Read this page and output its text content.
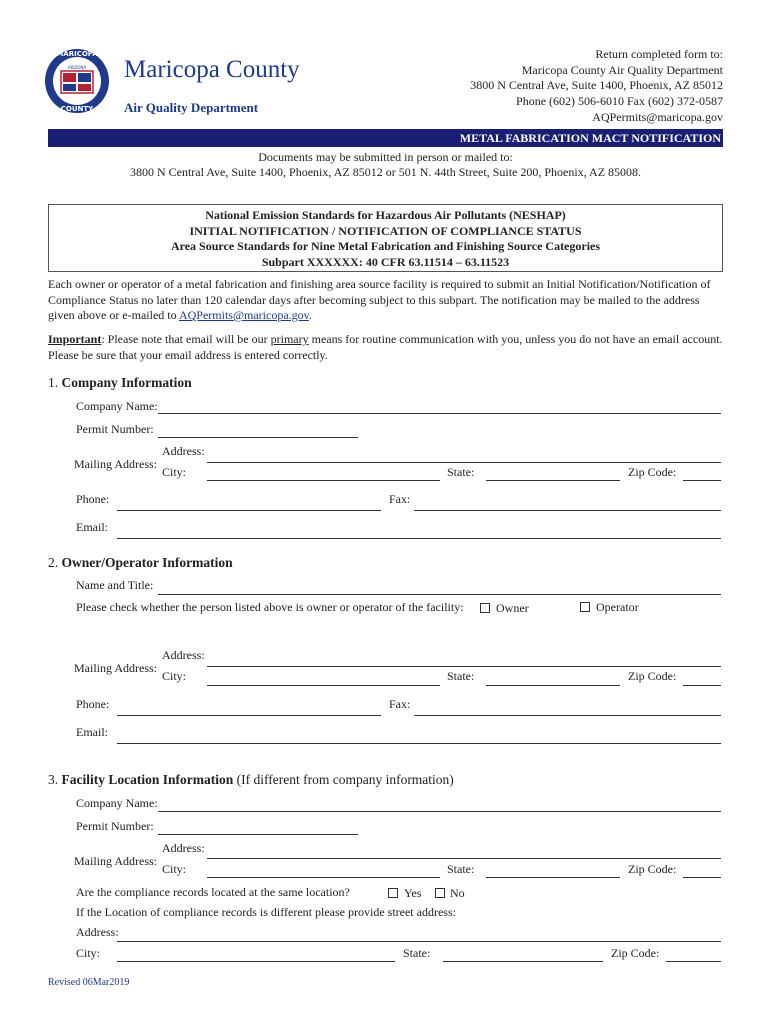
MARICOPA
COUNTY
ARIZONA Maricopa County
Air Quality Department
Return completed form to:
Maricopa County Air Quality Department
3800 N Central Ave, Suite 1400, Phoenix, AZ 85012
Phone (602) 506-6010 Fax (602) 372-0587
AQPermits@maricopa.gov
METAL FABRICATION MACT NOTIFICATION
Documents may be submitted in person or mailed to:
3800 N Central Ave, Suite 1400, Phoenix, AZ 85012 or 501 N. 44th Street, Suite 200, Phoenix, AZ 85008.
National Emission Standards for Hazardous Air Pollutants (NESHAP)
INITIAL NOTIFICATION / NOTIFICATION OF COMPLIANCE STATUS
Area Source Standards for Nine Metal Fabrication and Finishing Source Categories
Subpart XXXXXX: 40 CFR 63.11514 – 63.11523
Each owner or operator of a metal fabrication and finishing area source facility is required to submit an Initial Notification/Notification of Compliance Status no later than 120 calendar days after becoming subject to this subpart. The notification may be mailed to the address given above or e-mailed to AQPermits@maricopa.gov.
Important: Please note that email will be our primary means for routine communication with you, unless you do not have an email account. Please be sure that your email address is entered correctly.
1. Company Information
Company Name:
Permit Number:
Address:
Mailing Address:
City:	State:	Zip Code:
Phone:	Fax:
Email:
2. Owner/Operator Information
Name and Title:
Please check whether the person listed above is owner or operator of the facility:	Owner	Operator
Address:
Mailing Address:
City:	State:	Zip Code:
Phone:	Fax:
Email:
3. Facility Location Information (If different from company information)
Company Name:
Permit Number:
Address:
Mailing Address:
City:	State:	Zip Code:
Are the compliance records located at the same location?	Yes No
If the Location of compliance records is different please provide street address:
Address:
City:	State:	Zip Code:
Revised 06Mar2019
